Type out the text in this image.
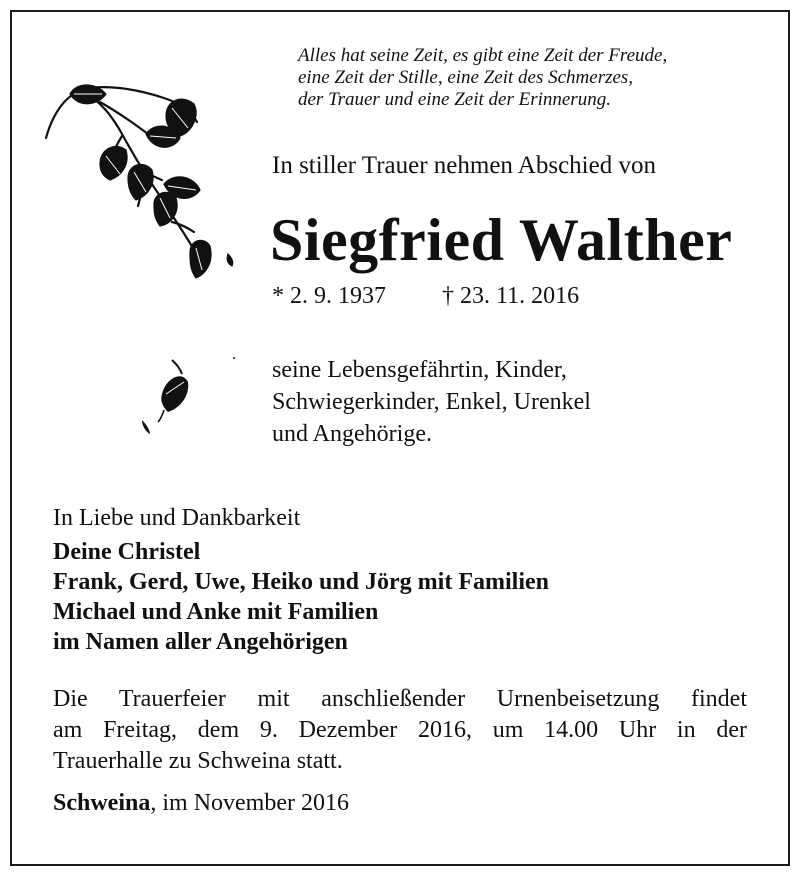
Alles hat seine Zeit, es gibt eine Zeit der Freude,
eine Zeit der Stille, eine Zeit des Schmerzes,
der Trauer und eine Zeit der Erinnerung.
In stiller Trauer nehmen Abschied von
Siegfried Walther
* 2. 9. 1937 † 23. 11. 2016
seine Lebensgefährtin, Kinder,
Schwiegerkinder, Enkel, Urenkel
und Angehörige.
In Liebe und Dankbarkeit
Deine Christel
Frank, Gerd, Uwe, Heiko und Jörg mit Familien
Michael und Anke mit Familien
im Namen aller Angehörigen

Die Trauerfeier mit anschließender Urnenbeisetzung findet

am Freitag, dem 9. Dezember 2016, um 14.00 Uhr in der

Trauerhalle zu Schweina statt.

Schweina, im November 2016
